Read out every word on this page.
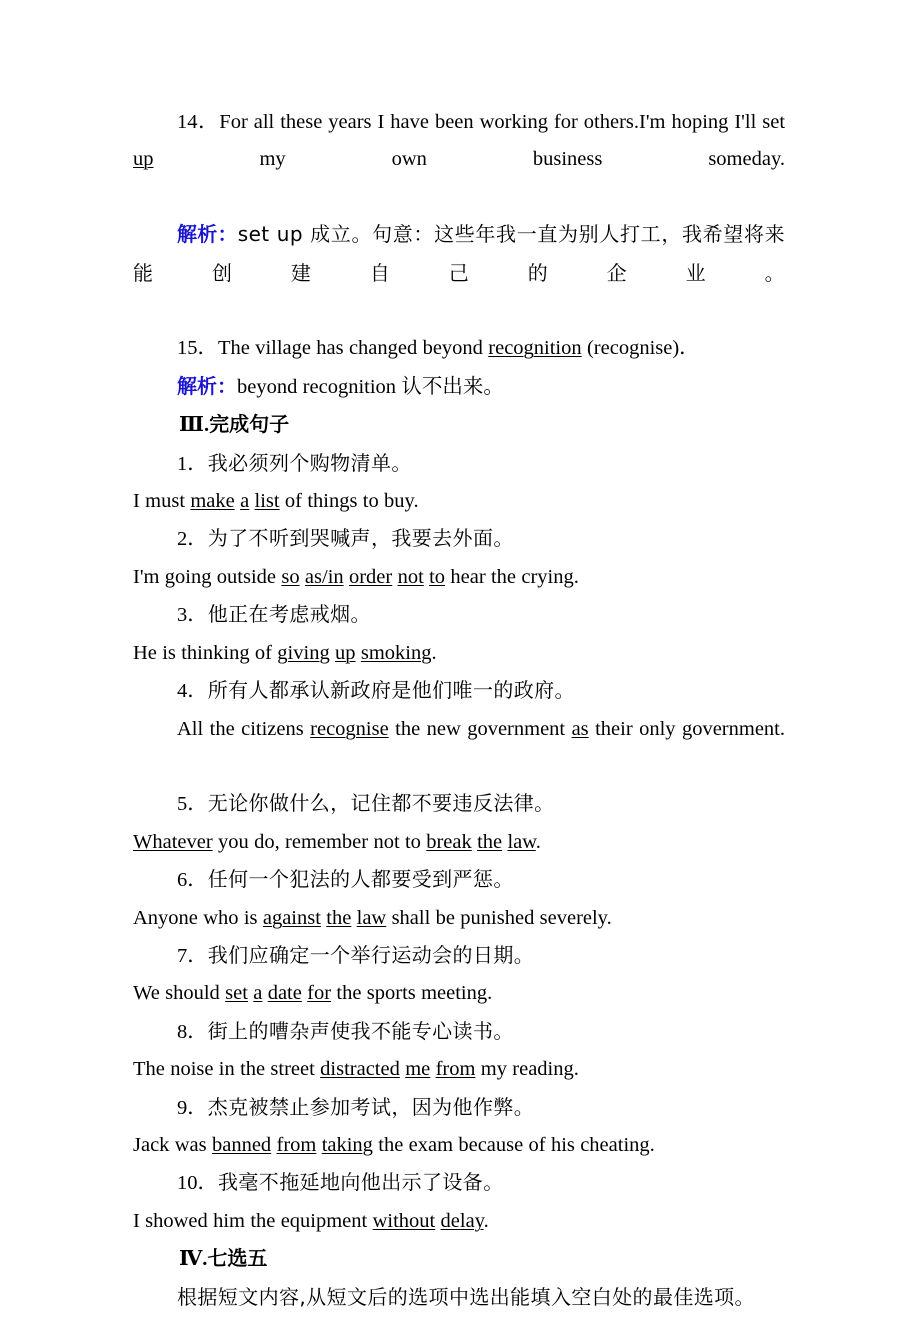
14．For all these years I have been working for others.I'm hoping I'll set up my own business someday.

解析：set up 成立。句意：这些年我一直为别人打工，我希望将来能创建自己的企业。

15．The village has changed beyond recognition (recognise)．

解析：beyond recognition 认不出来。

Ⅲ.完成句子

1．我必须列个购物清单。

I must make a list of things to buy.

2．为了不听到哭喊声，我要去外面。

I'm going outside so as/in order not to hear the crying.

3．他正在考虑戒烟。

He is thinking of giving up smoking.

4．所有人都承认新政府是他们唯一的政府。

All the citizens recognise the new government as their only government.

5．无论你做什么，记住都不要违反法律。

Whatever you do, remember not to break the law.

6．任何一个犯法的人都要受到严惩。

Anyone who is against the law shall be punished severely.

7．我们应确定一个举行运动会的日期。

We should set a date for the sports meeting.

8．街上的嘈杂声使我不能专心读书。

The noise in the street distracted me from my reading.

9．杰克被禁止参加考试，因为他作弊。

Jack was banned from taking the exam because of his cheating.

10．我毫不拖延地向他出示了设备。

I showed him the equipment without delay.

Ⅳ.七选五

根据短文内容,从短文后的选项中选出能填入空白处的最佳选项。
